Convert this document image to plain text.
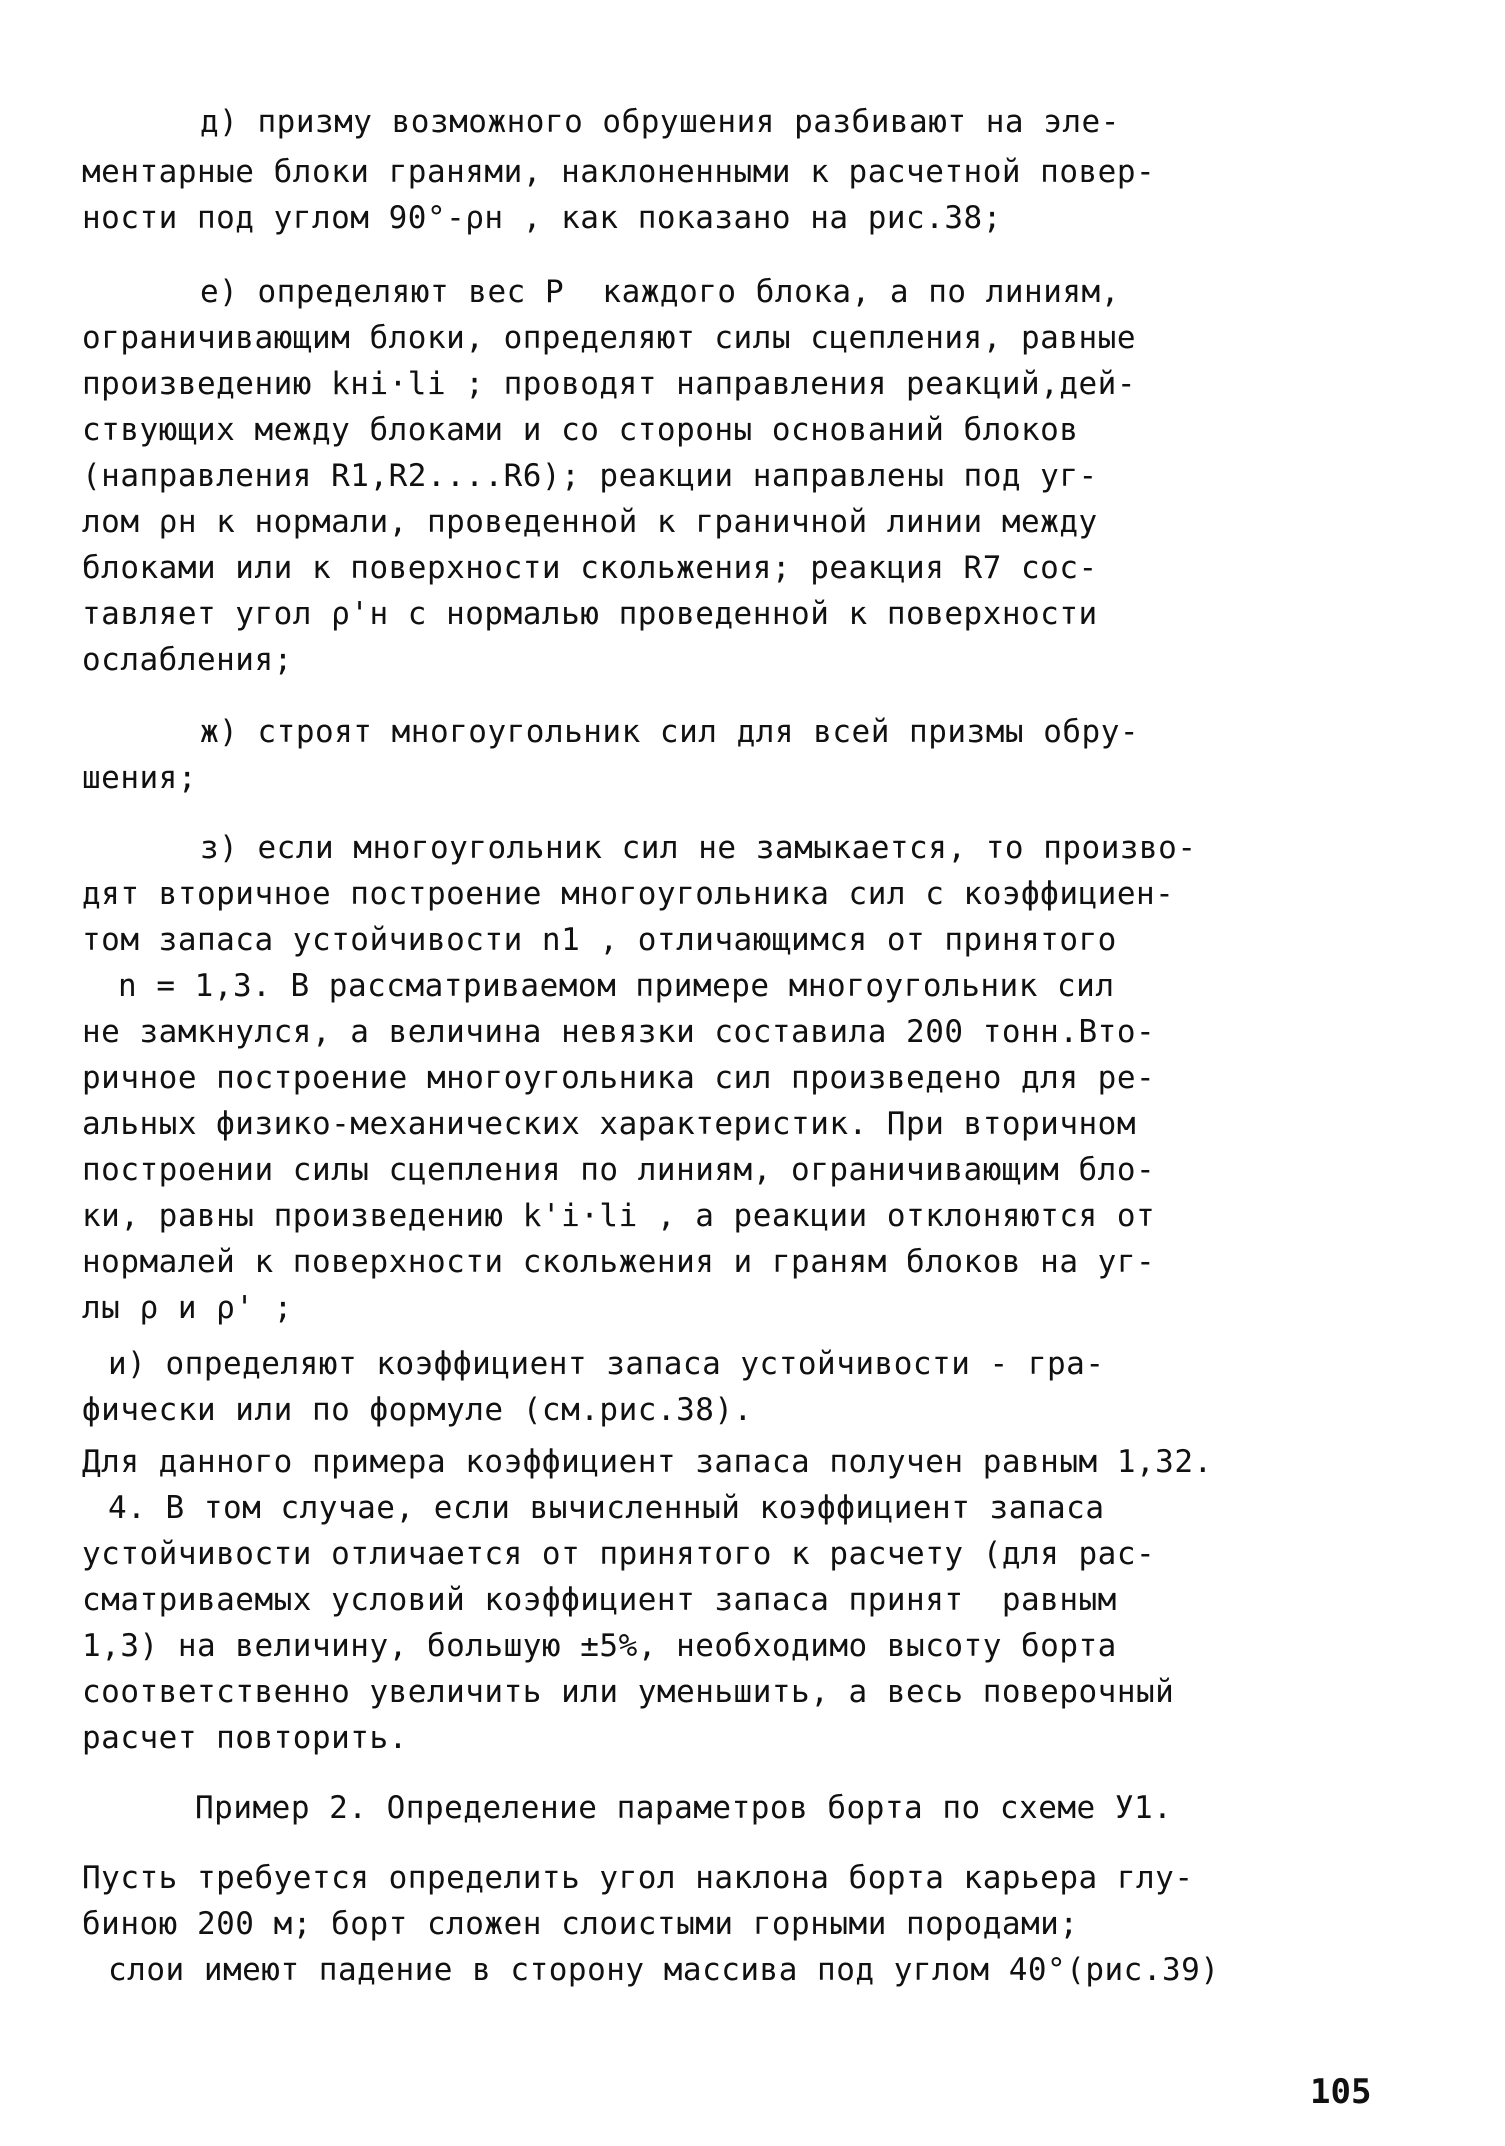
д) призму возможного обрушения разбивают на эле-
ментарные блоки гранями, наклоненными к расчетной повер-
ности под углом 90°-ρн , как показано на рис.38;
е) определяют вес P  каждого блока, а по линиям,
ограничивающим блоки, определяют силы сцепления, равные
произведению kнi·li ; проводят направления реакций,дей-
ствующих между блоками и со стороны оснований блоков
(направления R1,R2....R6); реакции направлены под уг-
лом ρн к нормали, проведенной к граничной линии между
блоками или к поверхности скольжения; реакция R7 сос-
тавляет угол ρ'н с нормалью проведенной к поверхности
ослабления;
ж) строят многоугольник сил для всей призмы обру-
шения;
з) если многоугольник сил не замыкается, то произво-
дят вторичное построение многоугольника сил с коэффициен-
том запаса устойчивости n1 , отличающимся от принятого
n = 1,3. В рассматриваемом примере многоугольник сил
не замкнулся, а величина невязки составила 200 тонн.Вто-
ричное построение многоугольника сил произведено для ре-
альных физико-механических характеристик. При вторичном
построении силы сцепления по линиям, ограничивающим бло-
ки, равны произведению k'i·li , а реакции отклоняются от
нормалей к поверхности скольжения и граням блоков на уг-
лы ρ и ρ' ;
и) определяют коэффициент запаса устойчивости - гра-
фически или по формуле (см.рис.38).
Для данного примера коэффициент запаса получен равным 1,32.
4. В том случае, если вычисленный коэффициент запаса
устойчивости отличается от принятого к расчету (для рас-
сматриваемых условий коэффициент запаса принят  равным
1,3) на величину, большую ±5%, необходимо высоту борта
соответственно увеличить или уменьшить, а весь поверочный
расчет повторить.
Пример 2. Определение параметров борта по схеме У1.
Пусть требуется определить угол наклона борта карьера глу-
биною 200 м; борт сложен слоистыми горными породами;
слои имеют падение в сторону массива под углом 40°(рис.39)
105
